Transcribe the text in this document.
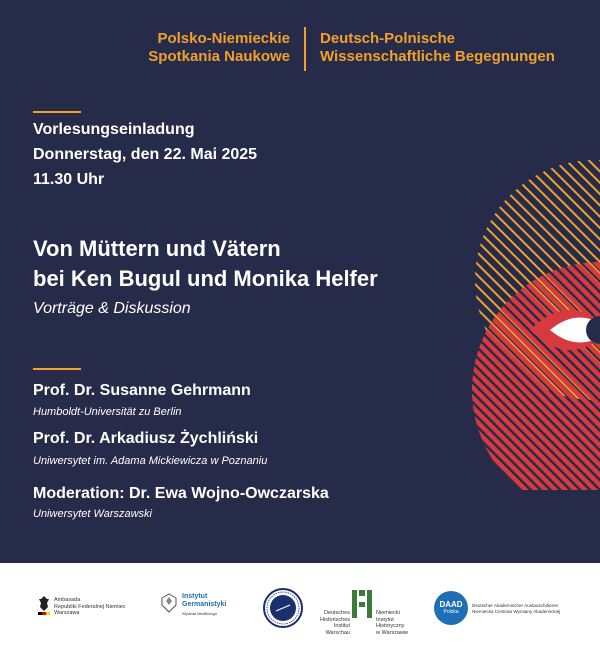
Polsko-Niemieckie
Spotkania Naukowe
Deutsch-Polnische
Wissenschaftliche Begegnungen
Vorlesungseinladung
Donnerstag, den 22. Mai 2025
11.30 Uhr
Von Müttern und Vätern
bei Ken Bugul und Monika Helfer
Vorträge & Diskussion
Prof. Dr. Susanne Gehrmann
Humboldt-Universität zu Berlin
Prof. Dr. Arkadiusz Żychliński
Uniwersytet im. Adama Mickiewicza w Poznaniu
Moderation: Dr. Ewa Wojno-Owczarska
Uniwersytet Warszawski
Ambasada
Republiki Federalnej Niemiec
Warszawa
Instytut
Germanistyki
Wydział Neofilologii	Deutsches
Historisches Institut
Warschau
Niemiecki
Instytut Historyczny
w Warszawie
DAAD
Polska
Deutscher Akademischer Austauschdienst
Niemiecka Centrala Wymiany Akademickiej
